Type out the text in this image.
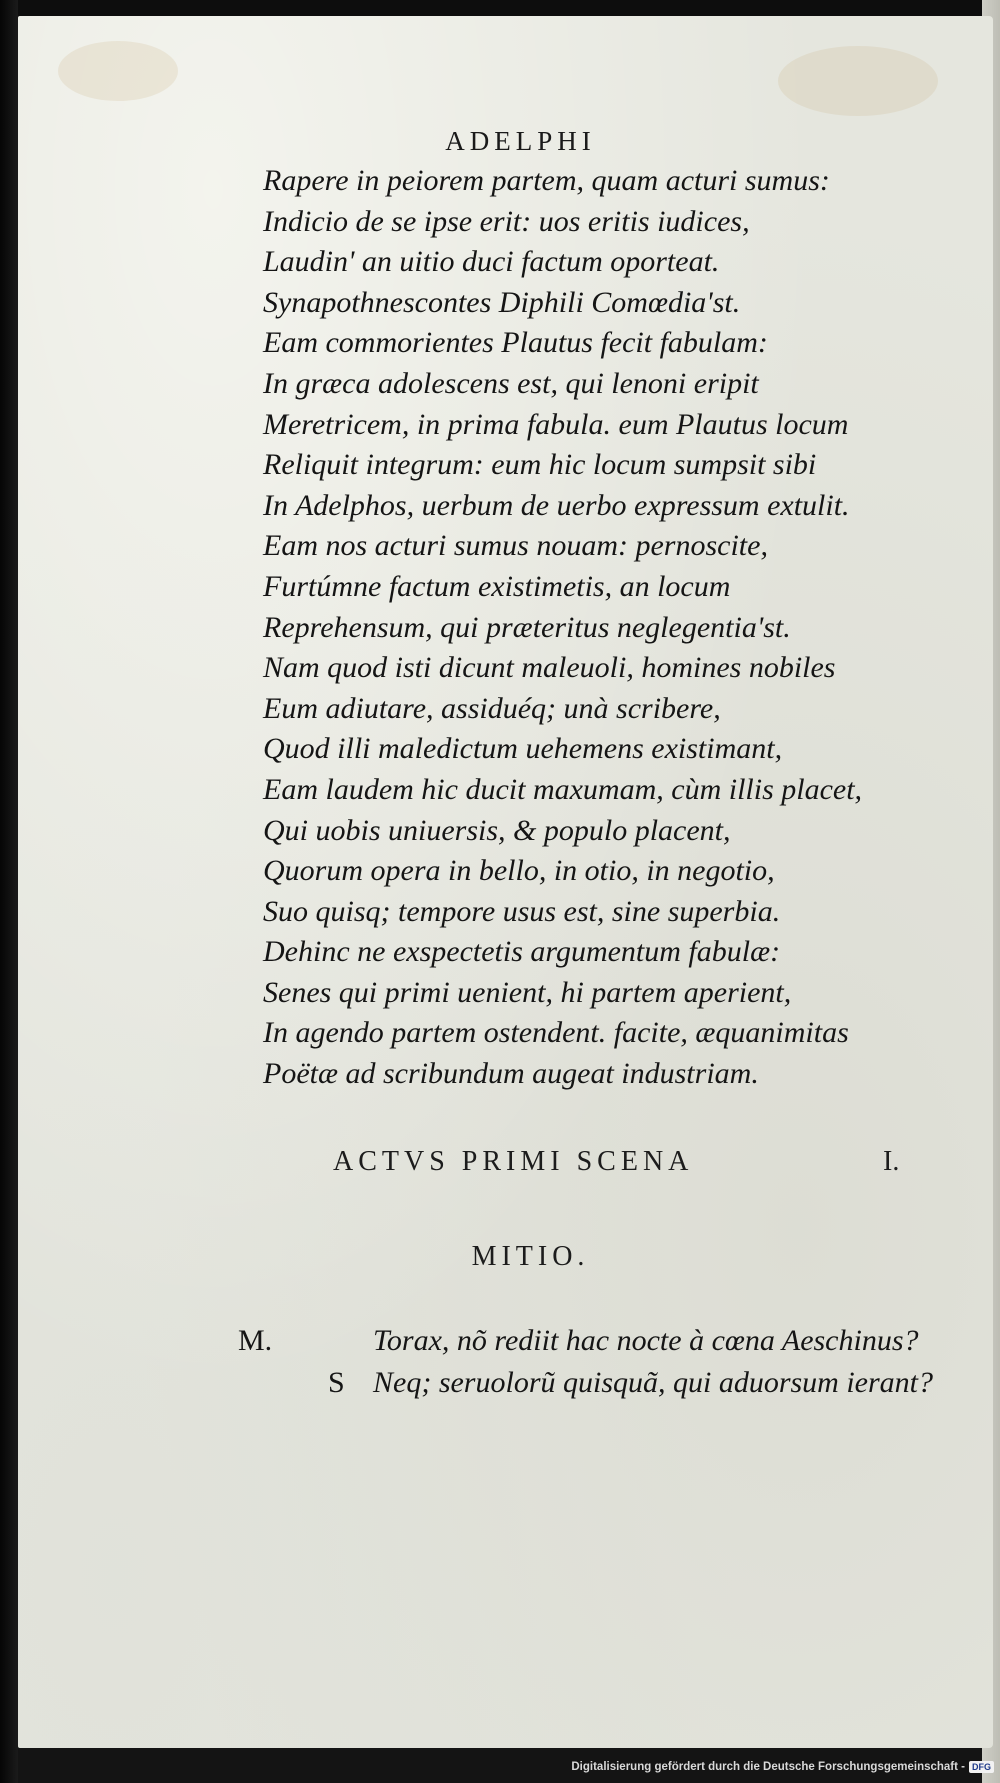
ADELPHI
Rapere in peiorem partem, quam acturi sumus:
Indicio de se ipse erit: uos eritis iudices,
Laudin' an uitio duci factum oporteat.
Synapothnescontes Diphili Comœdia'st.
Eam commorientes Plautus fecit fabulam:
In græca adolescens est, qui lenoni eripit
Meretricem, in prima fabula. eum Plautus locum
Reliquit integrum: eum hic locum sumpsit sibi
In Adelphos, uerbum de uerbo expressum extulit.
Eam nos acturi sumus nouam: pernoscite,
Furtúmne factum existimetis, an locum
Reprehensum, qui præteritus neglegentia'st.
Nam quod isti dicunt maleuoli, homines nobiles
Eum adiutare, assiduéq; unà scribere,
Quod illi maledictum uehemens existimant,
Eam laudem hic ducit maxumam, cùm illis placet,
Qui uobis uniuersis, & populo placent,
Quorum opera in bello, in otio, in negotio,
Suo quisq; tempore usus est, sine superbia.
Dehinc ne exspectetis argumentum fabulæ:
Senes qui primi uenient, hi partem aperient,
In agendo partem ostendent. facite, æquanimitas
Poëtæ ad scribundum augeat industriam.
ACTVS PRIMI SCENA	I.
MITIO.
M.	Torax, nõ rediit hac nocte à cœna Aeschinus?
S Neq; seruolorũ quisquã, qui aduorsum ierant?
Digitalisierung gefördert durch die Deutsche Forschungsgemeinschaft - DFG
